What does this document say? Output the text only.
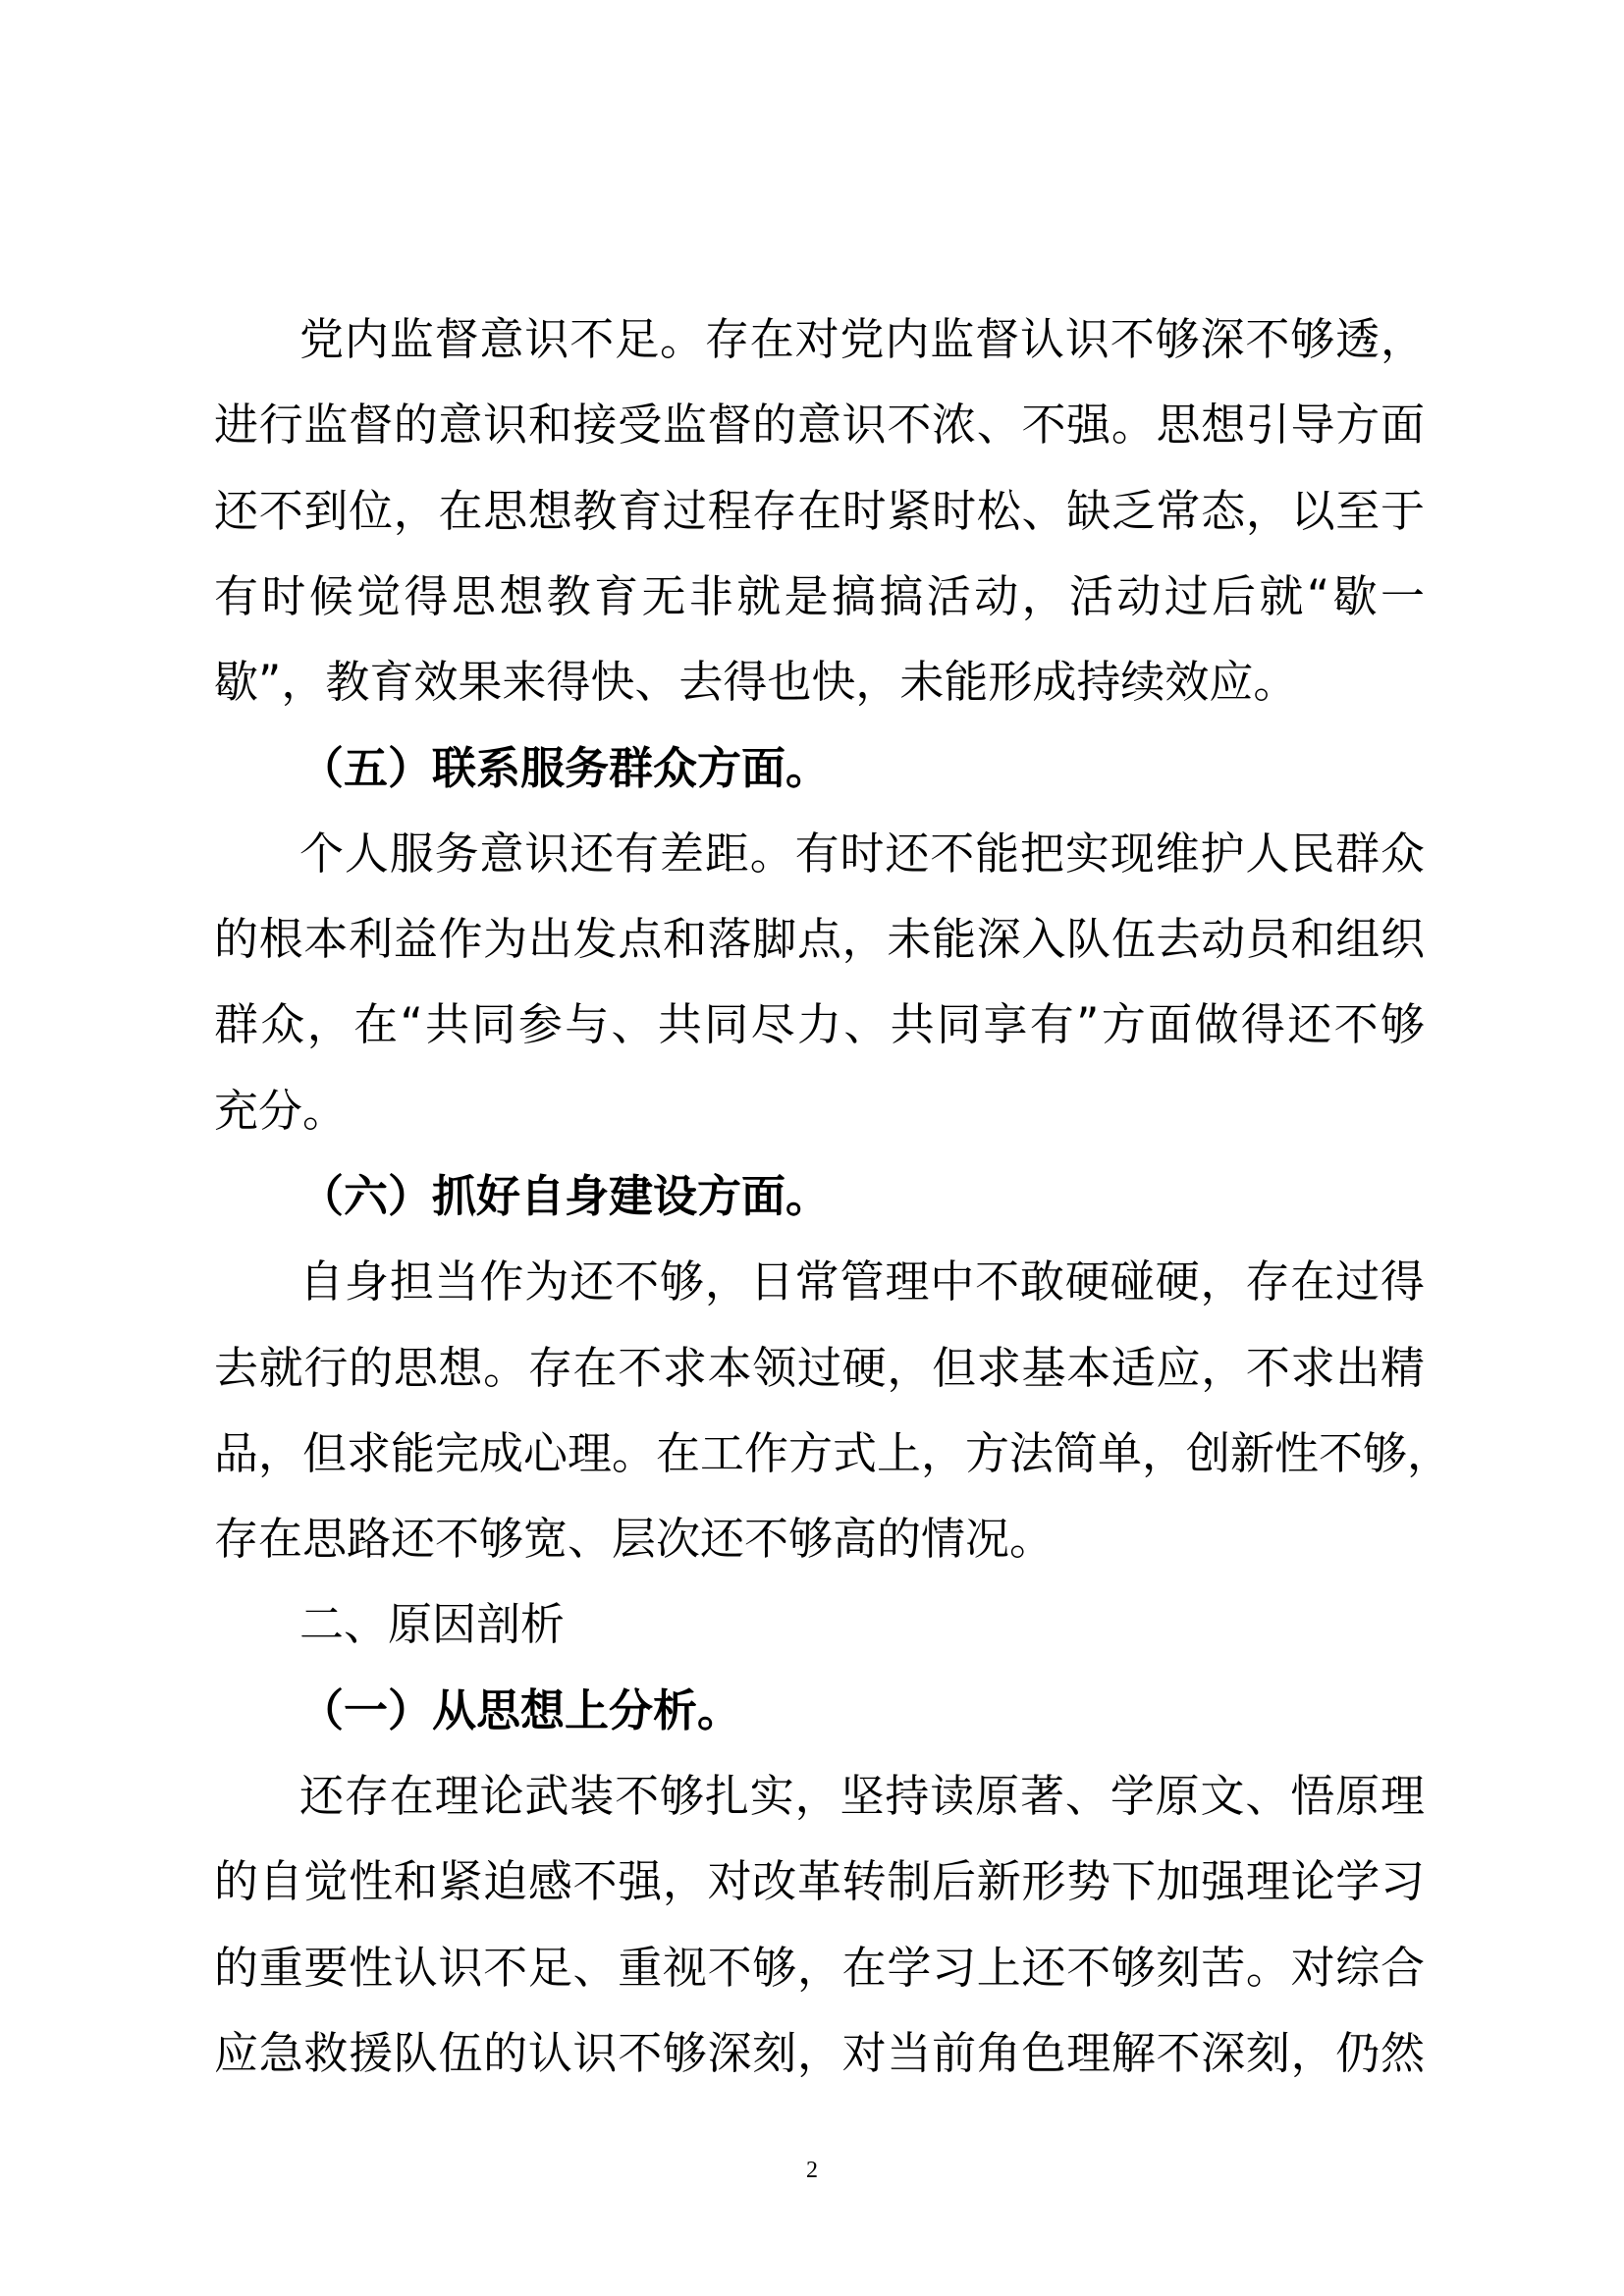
党内监督意识不足。存在对党内监督认识不够深不够透，
进行监督的意识和接受监督的意识不浓、不强。思想引导方面
还不到位，在思想教育过程存在时紧时松、缺乏常态，以至于
有时候觉得思想教育无非就是搞搞活动，活动过后就“歇一
歇”，教育效果来得快、去得也快，未能形成持续效应。
（五）联系服务群众方面。
个人服务意识还有差距。有时还不能把实现维护人民群众
的根本利益作为出发点和落脚点，未能深入队伍去动员和组织
群众，在“共同参与、共同尽力、共同享有”方面做得还不够
充分。
（六）抓好自身建设方面。
自身担当作为还不够，日常管理中不敢硬碰硬，存在过得
去就行的思想。存在不求本领过硬，但求基本适应，不求出精
品，但求能完成心理。在工作方式上，方法简单，创新性不够，
存在思路还不够宽、层次还不够高的情况。
二、原因剖析
（一）从思想上分析。
还存在理论武装不够扎实，坚持读原著、学原文、悟原理
的自觉性和紧迫感不强，对改革转制后新形势下加强理论学习
的重要性认识不足、重视不够，在学习上还不够刻苦。对综合
应急救援队伍的认识不够深刻，对当前角色理解不深刻，仍然
2
